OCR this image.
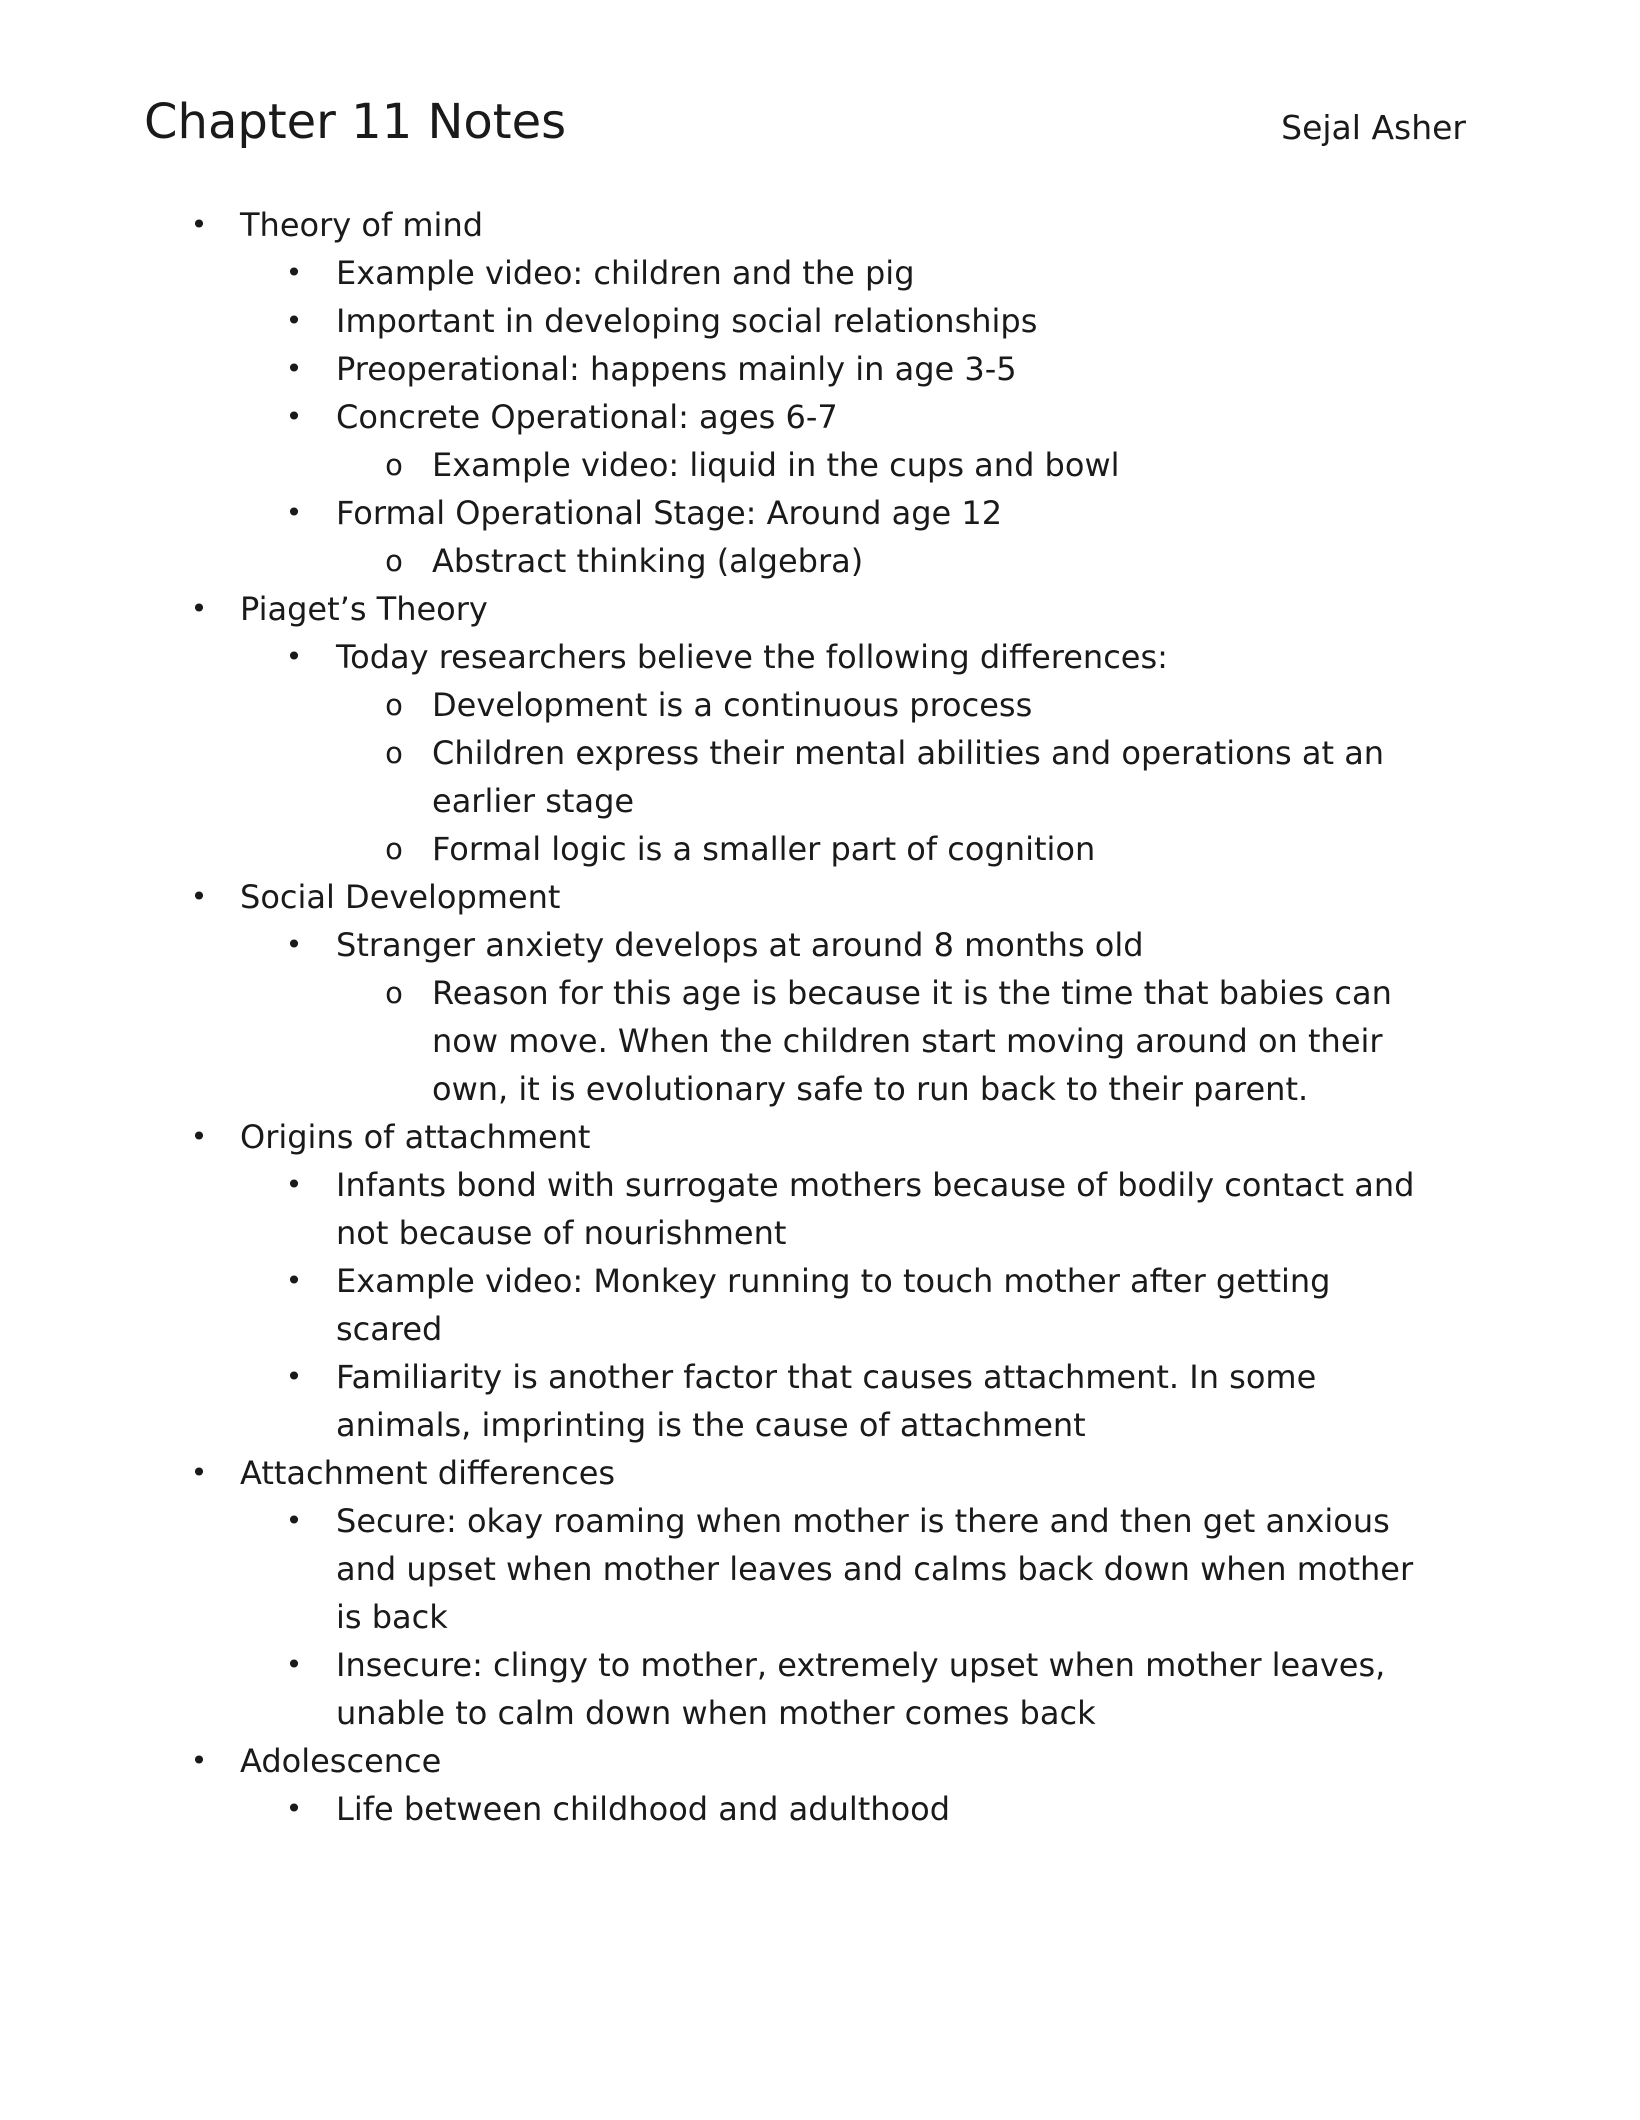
Chapter 11 Notes	Sejal Asher
• Theory of mind
• Example video: children and the pig
• Important in developing social relationships
• Preoperational: happens mainly in age 3-5
• Concrete Operational: ages 6-7
o Example video: liquid in the cups and bowl
• Formal Operational Stage: Around age 12
o Abstract thinking (algebra)
• Piaget’s Theory
• Today researchers believe the following differences:
o Development is a continuous process
o Children express their mental abilities and operations at an
earlier stage
o Formal logic is a smaller part of cognition
• Social Development
• Stranger anxiety develops at around 8 months old
o Reason for this age is because it is the time that babies can
now move. When the children start moving around on their
own, it is evolutionary safe to run back to their parent.
• Origins of attachment
• Infants bond with surrogate mothers because of bodily contact and
not because of nourishment
• Example video: Monkey running to touch mother after getting
scared
• Familiarity is another factor that causes attachment. In some
animals, imprinting is the cause of attachment
• Attachment differences
• Secure: okay roaming when mother is there and then get anxious
and upset when mother leaves and calms back down when mother
is back
• Insecure: clingy to mother, extremely upset when mother leaves,
unable to calm down when mother comes back
• Adolescence
• Life between childhood and adulthood
